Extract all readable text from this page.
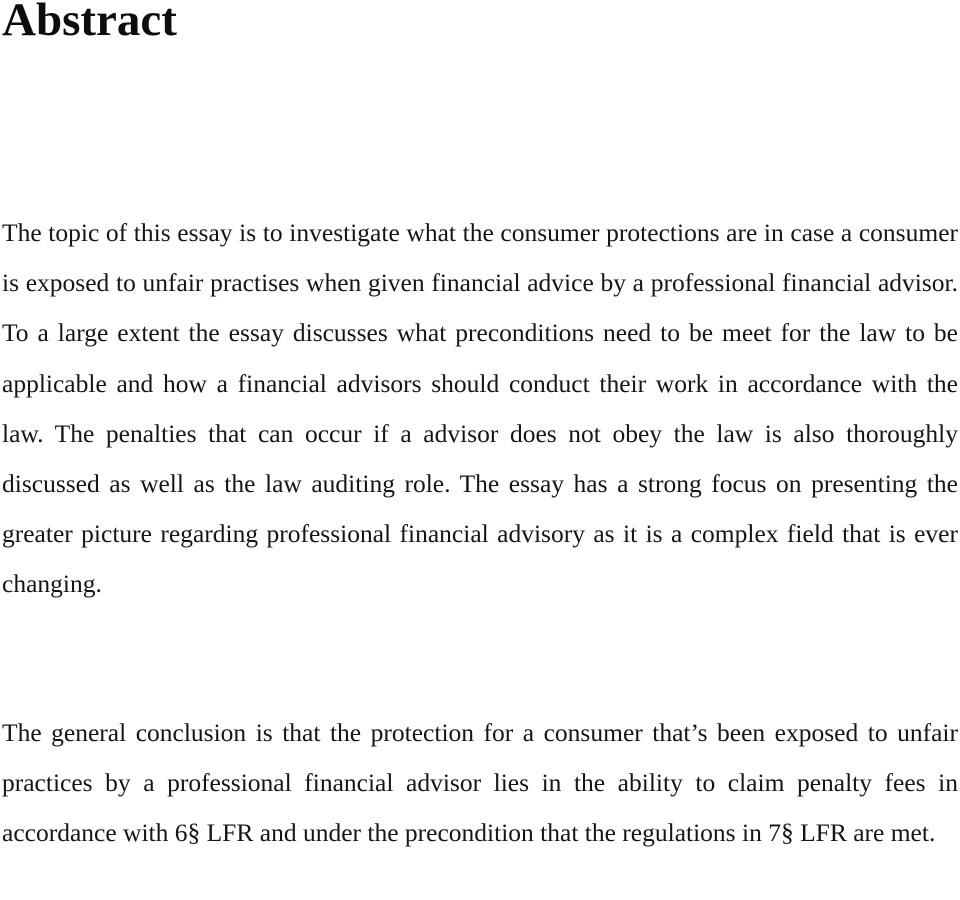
Abstract

The topic of this essay is to investigate what the consumer protections are in case a consumer is exposed to unfair practises when given financial advice by a professional financial advisor. To a large extent the essay discusses what preconditions need to be meet for the law to be applicable and how a financial advisors should conduct their work in accordance with the law. The penalties that can occur if a advisor does not obey the law is also thoroughly discussed as well as the law auditing role. The essay has a strong focus on presenting the greater picture regarding professional financial advisory as it is a complex field that is ever changing.

The general conclusion is that the protection for a consumer that’s been exposed to unfair practices by a professional financial advisor lies in the ability to claim penalty fees in accordance with 6§ LFR and under the precondition that the regulations in 7§ LFR are met.
